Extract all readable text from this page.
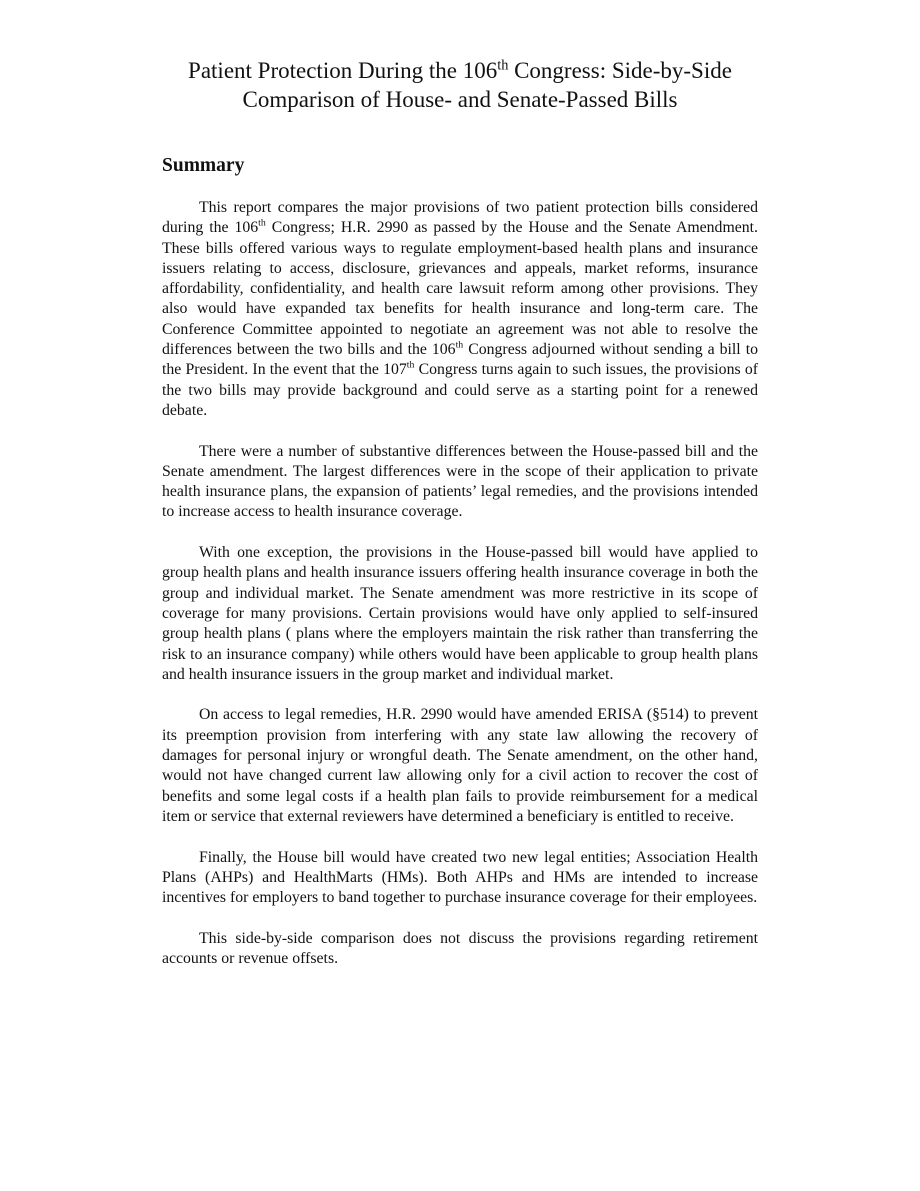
Patient Protection During the 106th Congress: Side-by-Side
Comparison of House- and Senate-Passed Bills
Summary

This report compares the major provisions of two patient protection bills considered during the 106th Congress; H.R. 2990 as passed by the House and the Senate Amendment. These bills offered various ways to regulate employment-based health plans and insurance issuers relating to access, disclosure, grievances and appeals, market reforms, insurance affordability, confidentiality, and health care lawsuit reform among other provisions. They also would have expanded tax benefits for health insurance and long-term care. The Conference Committee appointed to negotiate an agreement was not able to resolve the differences between the two bills and the 106th Congress adjourned without sending a bill to the President. In the event that the 107th Congress turns again to such issues, the provisions of the two bills may provide background and could serve as a starting point for a renewed debate.

There were a number of substantive differences between the House-passed bill and the Senate amendment. The largest differences were in the scope of their application to private health insurance plans, the expansion of patients’ legal remedies, and the provisions intended to increase access to health insurance coverage.

With one exception, the provisions in the House-passed bill would have applied to group health plans and health insurance issuers offering health insurance coverage in both the group and individual market. The Senate amendment was more restrictive in its scope of coverage for many provisions. Certain provisions would have only applied to self-insured group health plans ( plans where the employers maintain the risk rather than transferring the risk to an insurance company) while others would have been applicable to group health plans and health insurance issuers in the group market and individual market.

On access to legal remedies, H.R. 2990 would have amended ERISA (§514) to prevent its preemption provision from interfering with any state law allowing the recovery of damages for personal injury or wrongful death. The Senate amendment, on the other hand, would not have changed current law allowing only for a civil action to recover the cost of benefits and some legal costs if a health plan fails to provide reimbursement for a medical item or service that external reviewers have determined a beneficiary is entitled to receive.

Finally, the House bill would have created two new legal entities; Association Health Plans (AHPs) and HealthMarts (HMs). Both AHPs and HMs are intended to increase incentives for employers to band together to purchase insurance coverage for their employees.

This side-by-side comparison does not discuss the provisions regarding retirement accounts or revenue offsets.
